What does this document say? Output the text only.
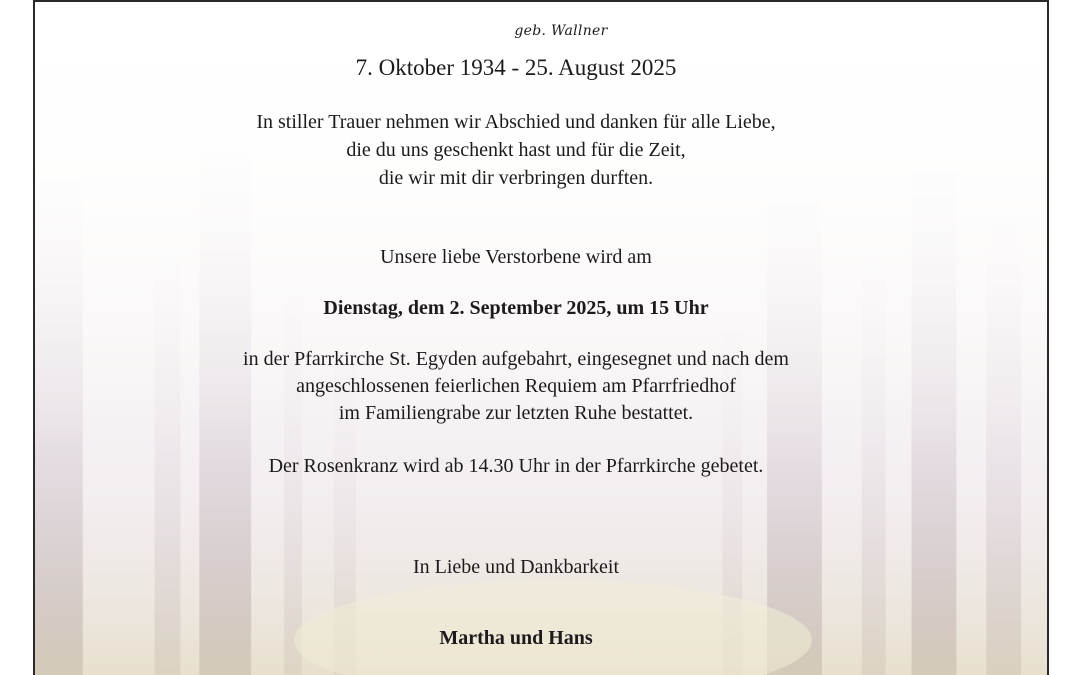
geb. Wallner
7. Oktober 1934 - 25. August 2025
In stiller Trauer nehmen wir Abschied und danken für alle Liebe,
die du uns geschenkt hast und für die Zeit,
die wir mit dir verbringen durften.
Unsere liebe Verstorbene wird am
Dienstag, dem 2. September 2025, um 15 Uhr
in der Pfarrkirche St. Egyden aufgebahrt, eingesegnet und nach dem
angeschlossenen feierlichen Requiem am Pfarrfriedhof
im Familiengrabe zur letzten Ruhe bestattet.
Der Rosenkranz wird ab 14.30 Uhr in der Pfarrkirche gebetet.
In Liebe und Dankbarkeit
Martha und Hans
